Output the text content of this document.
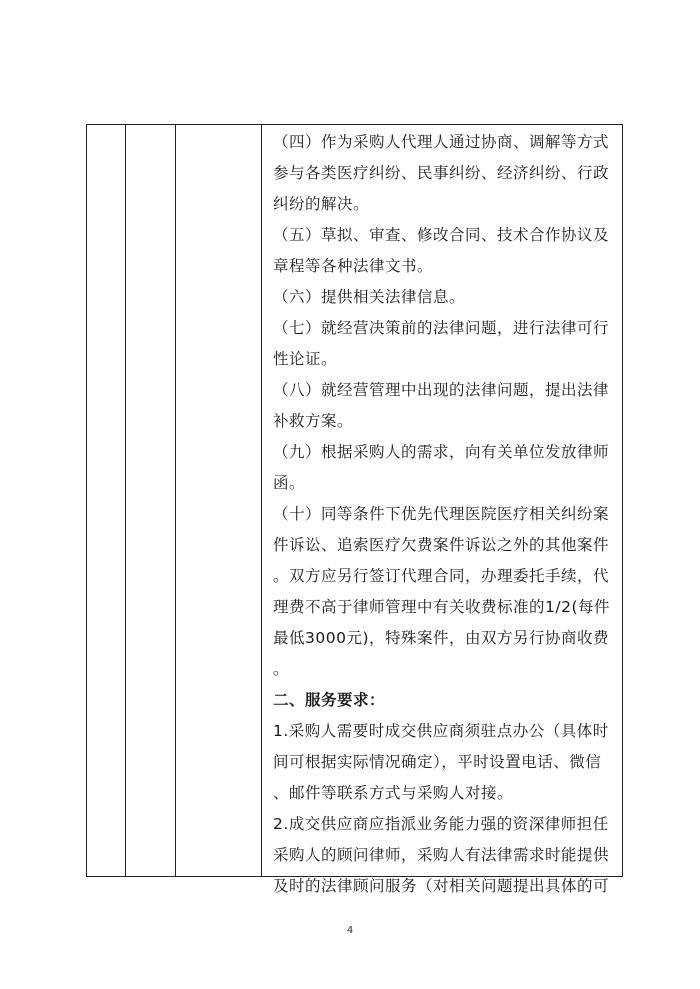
（四）作为采购人代理人通过协商、调解等方式

参与各类医疗纠纷、民事纠纷、经济纠纷、行政

纠纷的解决。

（五）草拟、审查、修改合同、技术合作协议及

章程等各种法律文书。

（六）提供相关法律信息。

（七）就经营决策前的法律问题，进行法律可行

性论证。

（八）就经营管理中出现的法律问题，提出法律

补救方案。

（九）根据采购人的需求，向有关单位发放律师

函。

（十）同等条件下优先代理医院医疗相关纠纷案

件诉讼、追索医疗欠费案件诉讼之外的其他案件

。双方应另行签订代理合同，办理委托手续，代

理费不高于律师管理中有关收费标准的1/2(每件

最低3000元)，特殊案件，由双方另行协商收费

。

二、服务要求：

1.采购人需要时成交供应商须驻点办公（具体时

间可根据实际情况确定），平时设置电话、微信

、邮件等联系方式与采购人对接。

2.成交供应商应指派业务能力强的资深律师担任

采购人的顾问律师，采购人有法律需求时能提供

及时的法律顾问服务（对相关问题提出具体的可

4
